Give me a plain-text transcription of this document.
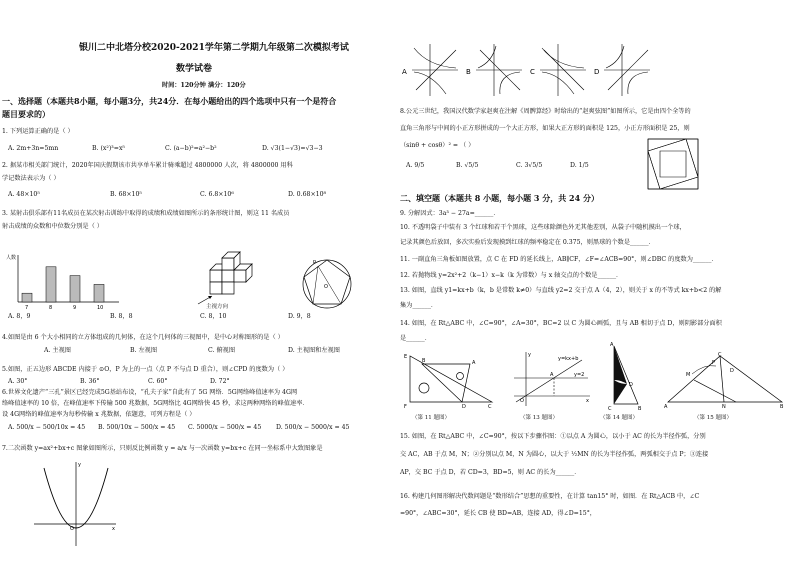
银川二中北塔分校2020-2021学年第二学期九年级第二次模拟考试
数学试卷
时间：120分钟 满分：120分
一、选择题（本题共8小题，每小题3分，共24分．在每小题给出的四个选项中只有一个是符合
题目要求的）
1. 下列运算正确的是（ ）
A. 2m+3n=5mn	B. (x²)³=x⁵	C. (a−b)²=a²−b²	D. √3(1−√3)=√3−3
2. 据某市相关部门统计，2020年国庆假期该市共享单车累计骑乘超过 4800000 人次，将 4800000 用科
学记数法表示为（ ）
A. 48×10⁵	B. 68×10⁵	C. 6.8×10⁶	D. 0.68×10⁸
3. 某射击俱乐部有11名成员在某次射击训练中取得的成绩和成绩如图所示的条形统计图，则这 11 名成员
射击成绩的众数和中位数分别是（ ）
人数
7	8	9	10	主视方向
O
P
A. 8，9	B. 8，8	C. 8，10	D. 9，8
4.如图是由 6 个大小相同的立方体组成的几何体，在这个几何体的三视图中，是中心对称图形的是（ ）
A. 主视图	B. 左视图	C. 俯视图	D. 主视图和左视图
5.如图，正五边形 ABCDE 内接于 ⊙O，P 为上的一点（点 P 不与点 D 重合），则∠CPD 的度数为（ ）
A. 30°	B. 36°	C. 60°	D. 72°
6.世界文化遗产“三孔”景区已经完成5G基站布设，“孔夫子家”自此有了 5G 网络．5G网络峰值速率为 4G网
络峰值速率的 10 倍，在峰值速率下传输 500 兆数据，5G网络比 4G网络快 45 秒，求这两种网络的峰值速率．
设 4G网络的峰值速率为每秒传输 x 兆数据，依题意，可列方程是（ ）
A. 500/x − 500/10x = 45 B. 500/10x − 500/x = 45 C. 5000/x − 500/x = 45 D. 500/x − 5000/x = 45
7.二次函数 y=ax²+bx+c 图象如图所示，只则反比例函数 y = a/x 与一次函数 y=bx+c 在同一坐标系中大致图象是
y
x
O
A	B	C	D
8.公元三世纪，我国汉代数学家赵爽在注解《周髀算经》时给出的“赵爽弦图”如图所示，它是由四个全等的
直角三角形与中间的小正方形拼成的一个大正方形，如果大正方形的面积是 125，小正方形面积是 25，则
（sinθ + cosθ）² = （ ）
A. 9/5	B. √5/5	C. 3√5/5	D. 1/5
二、填空题（本题共 8 小题，每小题 3 分，共 24 分）
9. 分解因式：3a³ − 27a=______．
10. 不透明袋子中装有 3 个红球和若干个黑球，这些球除颜色外无其他差别，从袋子中随机摸出一个球，
记录其颜色后放回，多次实验后发现摸到红球的频率稳定在 0.375，则黑球的个数是______．
11. 一副直角三角板如图放置，点 C 在 FD 的延长线上，AB∥CF，∠F=∠ACB=90°，则∠DBC 的度数为______．
12. 若抛物线 y=2x²+2（k−1）x−k（k 为常数）与 x 轴交点的个数是______．
13. 如图，直线 y1=kx+b（k，b 是常数 k≠0）与直线 y2=2 交于点 A（4，2），则关于 x 的不等式 kx+b<2 的解
集为______．
14. 如图，在 Rt△ABC 中，∠C=90°，∠A=30°，BC=2 以 C 为圆心画弧，且与 AB 相切于点 D，则阴影部分面积
是______．
E
B	A
F	D	C
y=kx+b
y=2
A
O	x
y
A
C	B
D
C
A	B
N
M
D
P
（第 11 题图）	（第 13 题图）	（第 14 题图）	（第 15 题图）
15. 如图，在 Rt△ABC 中，∠C=90°，按以下步骤作图：①以点 A 为圆心，以小于 AC 的长为半径作弧，分别
交 AC，AB 于点 M，N；②分别以点 M，N 为圆心，以大于 ½MN 的长为半径作弧，两弧相交于点 P；③连接
AP，交 BC 于点 D，若 CD=3，BD=5，则 AC 的长为______．
16. 构建几何图形解决代数问题是“数形结合”思想的重要性，在计算 tan15° 时，如图．在 Rt△ACB 中，∠C
=90°，∠ABC=30°，延长 CB 使 BD=AB，连接 AD，得∠D=15°，
